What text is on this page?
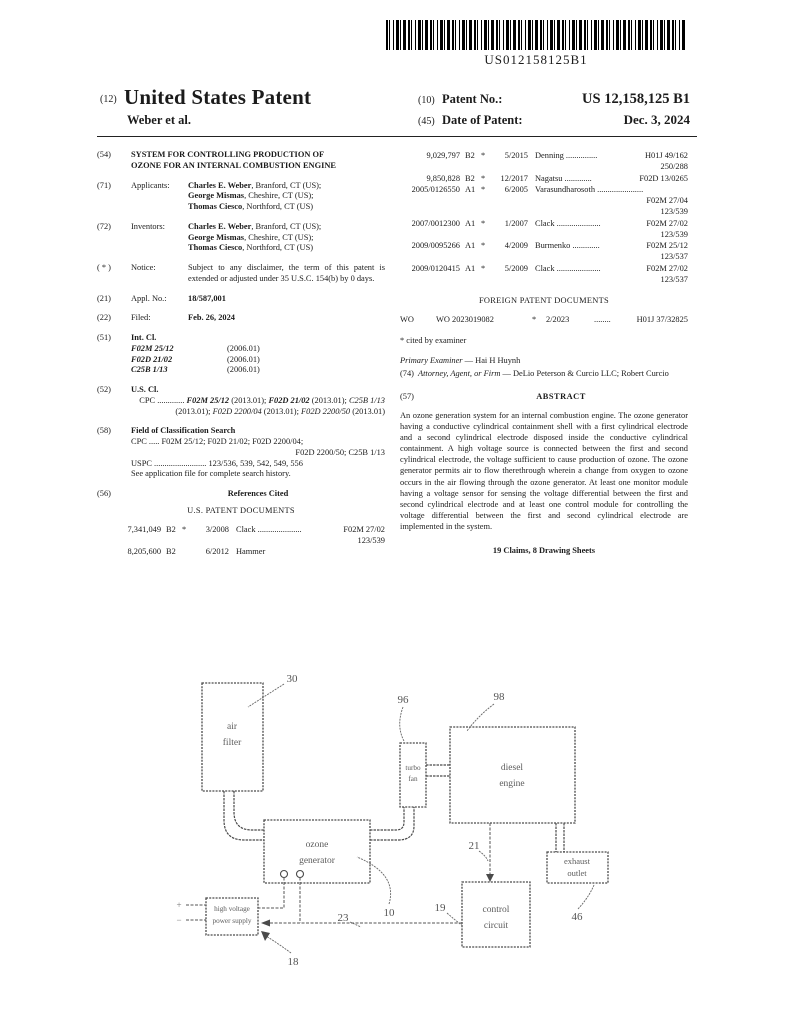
US012158125B1
(12) United States Patent
Weber et al.
(10) Patent No.:	US 12,158,125 B1
(45) Date of Patent:	Dec. 3, 2024
(54)	SYSTEM FOR CONTROLLING PRODUCTION OF OZONE FOR AN INTERNAL COMBUSTION ENGINE
(71)	Applicants: Charles E. Weber, Branford, CT (US);
George Mismas, Cheshire, CT (US);
Thomas Ciesco, Northford, CT (US)
(72)	Inventors:	Charles E. Weber, Branford, CT (US);
George Mismas, Cheshire, CT (US);
Thomas Ciesco, Northford, CT (US)
( * )	Notice:	Subject to any disclaimer, the term of this patent is extended or adjusted under 35 U.S.C. 154(b) by 0 days.
(21)	Appl. No.:	18/587,001
(22)	Filed:	Feb. 26, 2024
(51)	Int. Cl.
F02M 25/12	(2006.01)
F02D 21/02	(2006.01)
C25B 1/13	(2006.01)
(52)	U.S. Cl.
CPC ............. F02M 25/12 (2013.01); F02D 21/02 (2013.01); C25B 1/13 (2013.01); F02D 2200/04 (2013.01); F02D 2200/50 (2013.01)
(58)	Field of Classification Search
CPC ..... F02M 25/12; F02D 21/02; F02D 2200/04;
F02D 2200/50; C25B 1/13
USPC ......................... 123/536, 539, 542, 549, 556
See application file for complete search history.
(56)	References Cited
U.S. PATENT DOCUMENTS
7,341,049 B2 *	3/2008 Clack .....................	F02M 27/02
123/539
8,205,600 B2	6/2012 Hammer
9,029,797 B2 *	5/2015 Denning ...............	H01J 49/162
250/288
9,850,828 B2 *	12/2017 Nagatsu .............	F02D 13/0265
2005/0126550 A1 *	6/2005 Varasundharosoth ......................
F02M 27/04
123/539
2007/0012300 A1 *	1/2007 Clack .....................	F02M 27/02
123/539
2009/0095266 A1 *	4/2009 Burmenko .............	F02M 25/12
123/537
2009/0120415 A1 *	5/2009 Clack .....................	F02M 27/02
123/537
FOREIGN PATENT DOCUMENTS
WO	WO 2023019082	*	2/2023	........	H01J 37/32825
* cited by examiner
Primary Examiner — Hai H Huynh
(74) Attorney, Agent, or Firm — DeLio Peterson & Curcio LLC; Robert Curcio
(57)	ABSTRACT
An ozone generation system for an internal combustion engine. The ozone generator having a conductive cylindrical containment shell with a first cylindrical electrode and a second cylindrical electrode disposed inside the conductive cylindrical containment. A high voltage source is connected between the first and second cylindrical electrode, the voltage sufficient to cause production of ozone. The ozone generator permits air to flow therethrough wherein a change from oxygen to ozone occurs in the air flowing through the ozone generator. At least one monitor module having a voltage sensor for sensing the voltage differential between the first and second cylindrical electrode and at least one control module for controlling the voltage differential between the first and second cylindrical electrode are implemented in the system.
19 Claims, 8 Drawing Sheets
air
filter
turbo
fan
diesel
engine
ozone
generator
high voltage
power supply
control
circuit
exhaust
outlet
30
96	98
10
21
23
19
18
46
+
−
